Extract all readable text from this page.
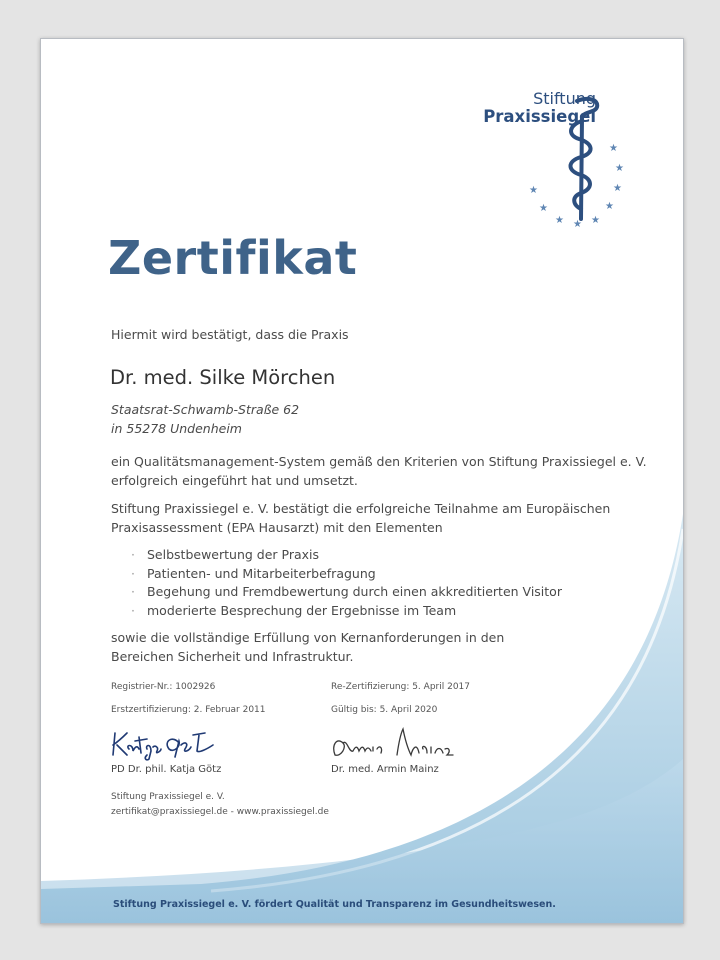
Stiftung
Praxissiegel
★
★
★
★
★
★
★
★
★
Zertifikat
Hiermit wird bestätigt, dass die Praxis
Dr. med. Silke Mörchen
Staatsrat-Schwamb-Straße 62
in 55278 Undenheim
ein Qualitätsmanagement-System gemäß den Kriterien von Stiftung Praxissiegel e. V.
erfolgreich eingeführt hat und umsetzt.
Stiftung Praxissiegel e. V. bestätigt die erfolgreiche Teilnahme am Europäischen
Praxisassessment (EPA Hausarzt) mit den Elementen
· Selbstbewertung der Praxis
· Patienten- und Mitarbeiterbefragung
· Begehung und Fremdbewertung durch einen akkreditierten Visitor
· moderierte Besprechung der Ergebnisse im Team
sowie die vollständige Erfüllung von Kernanforderungen in den
Bereichen Sicherheit und Infrastruktur.
Registrier-Nr.: 1002926	Re-Zertifizierung: 5. April 2017
Erstzertifizierung: 2. Februar 2011	Gültig bis: 5. April 2020
PD Dr. phil. Katja Götz	Dr. med. Armin Mainz
Stiftung Praxissiegel e. V.
zertifikat@praxissiegel.de - www.praxissiegel.de
Stiftung Praxissiegel e. V. fördert Qualität und Transparenz im Gesundheitswesen.
